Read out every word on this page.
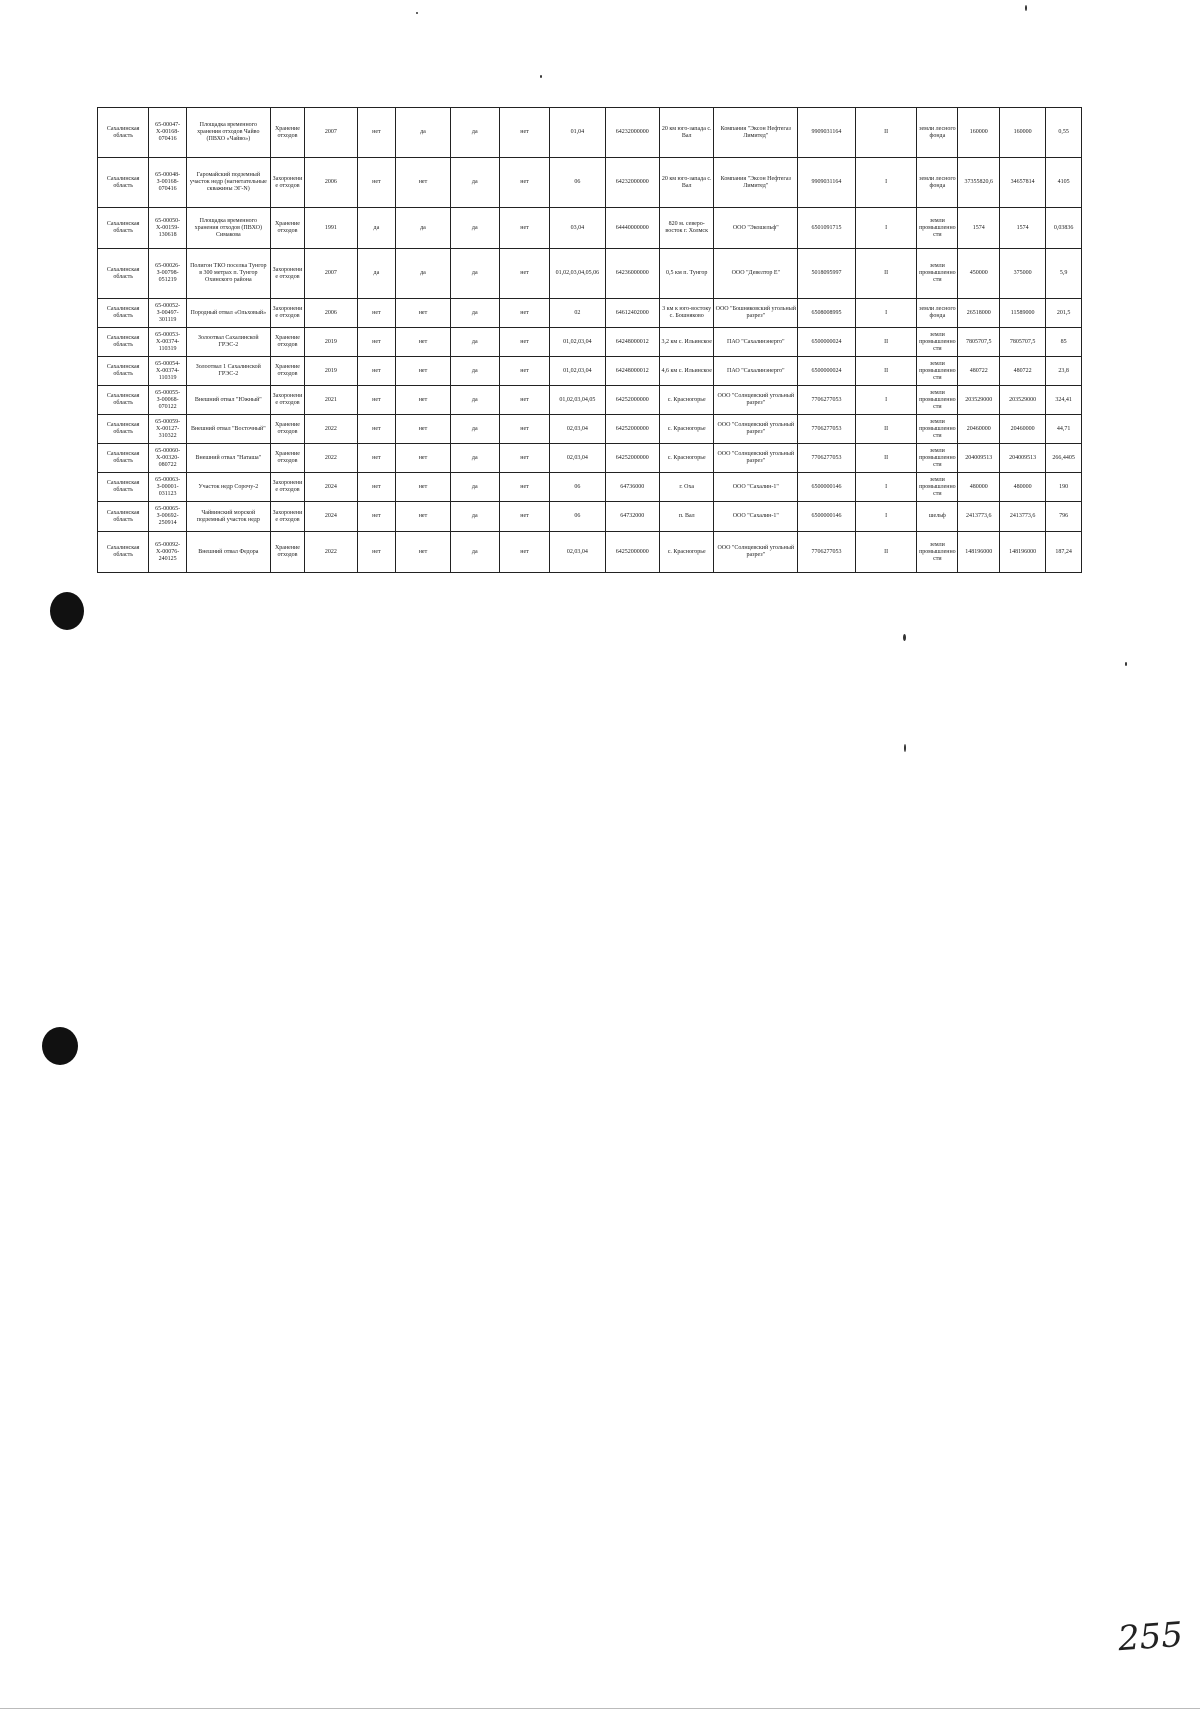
Сахалинская область	65-00047-Х-00168-070416	Площадка временного хранения отходов Чайво (ПВХО «Чайво»)	Хранение отходов	2007	нет	да	да	нет	01,04	64232000000	20 км юго-запада с. Вал	Компания "Эксон Нефтегаз Лимитед"	9909031164	II	земли лесного фонда	160000	160000	0,55
Сахалинская область	65-00048-З-00168-070416	Гаромайский подземный участок недр (нагнетательные скважины ЭГ-N)	Захоронение отходов	2006	нет	нет	да	нет	06	64232000000	20 км юго-запада с. Вал	Компания "Эксон Нефтегаз Лимитед"	9909031164	I	земли лесного фонда	37355820,6	34657814	4105
Сахалинская область	65-00050-Х-00159-130618	Площадка временного хранения отходов (ПВХО) Симакова	Хранение отходов	1991	да	да	да	нет	03,04	64440000000	820 м. северо-восток г. Холмск	ООО "Экошельф"	6501091715	I	земли промышленности	1574	1574	0,03836
Сахалинская область	65-00026-З-00798-051219	Полигон ТКО поселка Тунгор в 300 метрах п. Тунгор Охинского района	Захоронение отходов	2007	да	да	да	нет	01,02,03,04,05,06	64236000000	0,5 км п. Тунгор	ООО "Девелтор Е"	5018095997	II	земли промышленности	450000	375000	5,9
Сахалинская область	65-00052-З-00497-301119	Породный отвал «Ольховый»	Захоронение отходов	2006	нет	нет	да	нет	02	64612402000	3 км к юго-востоку с. Бошняково	ООО "Бошняковский угольный разрез"	6508008995	I	земли лесного фонда	26518000	11589000	201,5
Сахалинская область	65-00053-Х-00374-110319	Золоотвал Сахалинской ГРЭС-2	Хранение отходов	2019	нет	нет	да	нет	01,02,03,04	64248000012	3,2 км с. Ильинское	ПАО "Сахалинэнерго"	6500000024	II	земли промышленности	7805707,5	7805707,5	85
Сахалинская область	65-00054-Х-00374-110319	Золоотвал 1 Сахалинской ГРЭС-2	Хранение отходов	2019	нет	нет	да	нет	01,02,03,04	64248000012	4,6 км с. Ильинское	ПАО "Сахалинэнерго"	6500000024	II	земли промышленности	480722	480722	23,8
Сахалинская область	65-00055-З-00068-070122	Внешний отвал "Южный"	Захоронение отходов	2021	нет	нет	да	нет	01,02,03,04,05	64252000000	с. Красногорье	ООО "Солнцевский угольный разрез"	7706277053	I	земли промышленности	203529000	203529000	324,41
Сахалинская область	65-00059-Х-00127-310322	Внешний отвал "Восточный"	Хранение отходов	2022	нет	нет	да	нет	02,03,04	64252000000	с. Красногорье	ООО "Солнцевский угольный разрез"	7706277053	II	земли промышленности	20460000	20460000	44,71
Сахалинская область	65-00060-Х-00320-080722	Внешний отвал "Наташа"	Хранение отходов	2022	нет	нет	да	нет	02,03,04	64252000000	с. Красногорье	ООО "Солнцевский угольный разрез"	7706277053	II	земли промышленности	204009513	204009513	266,4405
Сахалинская область	65-00063-З-00001-031123	Участок недр Сорочу-2	Захоронение отходов	2024	нет	нет	да	нет	06	64736000	г. Оха	ООО "Сахалин-1"	6500000146	I	земли промышленности	480000	480000	190
Сахалинская область	65-00065-З-00692-250914	Чайвинский морской подземный участок недр	Захоронение отходов	2024	нет	нет	да	нет	06	64732000	п. Вал	ООО "Сахалин-1"	6500000146	I	шельф	2413773,6	2413773,6	796
Сахалинская область	65-00092-Х-00076-240125	Внешний отвал Федора	Хранение отходов	2022	нет	нет	да	нет	02,03,04	64252000000	с. Красногорье	ООО "Солнцевский угольный разрез"	7706277053	II	земли промышленности	148196000	148196000	187,24
255
